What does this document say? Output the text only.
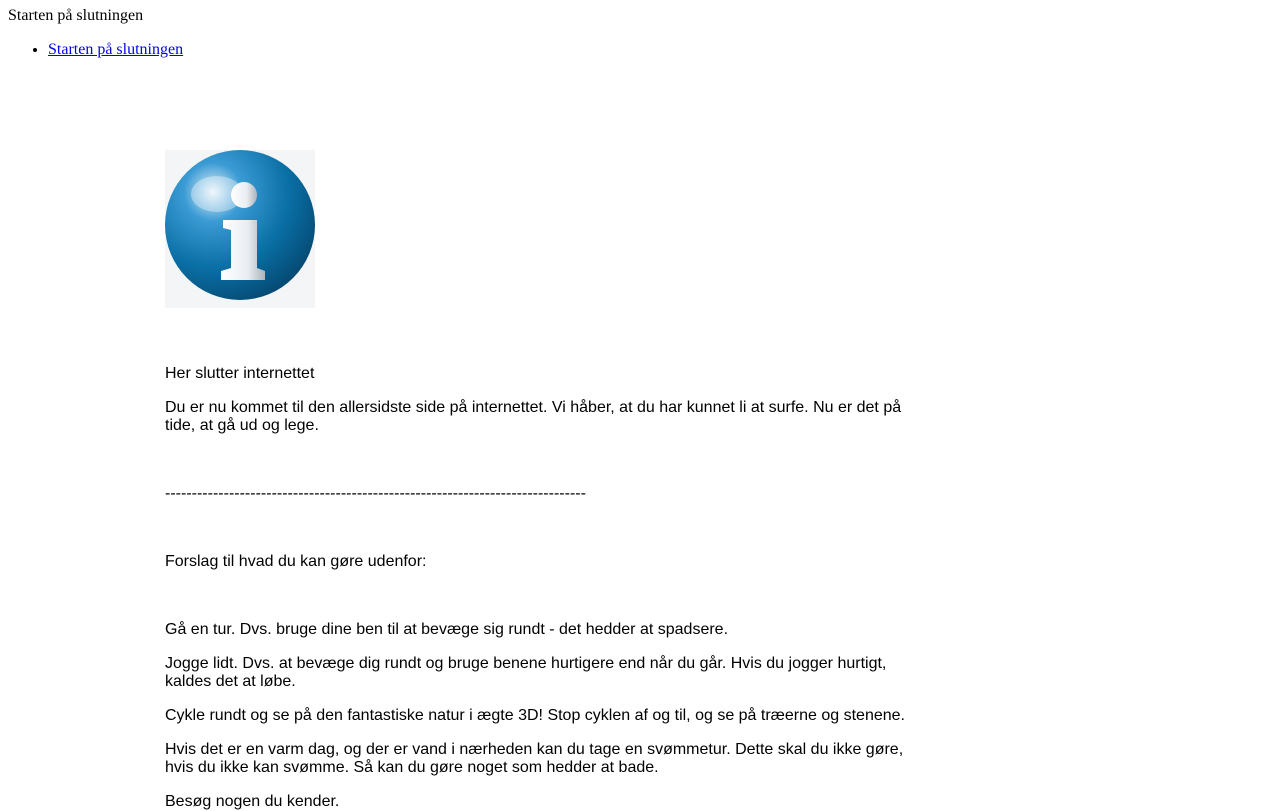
Starten på slutningen
• Starten på slutningen

Her slutter internettet

Du er nu kommet til den allersidste side på internettet. Vi håber, at du har kunnet li at surfe. Nu er det på tide, at gå ud og lege.

-------------------------------------------------------------------------------

Forslag til hvad du kan gøre udenfor:

Gå en tur. Dvs. bruge dine ben til at bevæge sig rundt - det hedder at spadsere.

Jogge lidt. Dvs. at bevæge dig rundt og bruge benene hurtigere end når du går. Hvis du jogger hurtigt, kaldes det at løbe.

Cykle rundt og se på den fantastiske natur i ægte 3D! Stop cyklen af og til, og se på træerne og stenene.

Hvis det er en varm dag, og der er vand i nærheden kan du tage en svømmetur. Dette skal du ikke gøre, hvis du ikke kan svømme. Så kan du gøre noget som hedder at bade.

Besøg nogen du kender.
